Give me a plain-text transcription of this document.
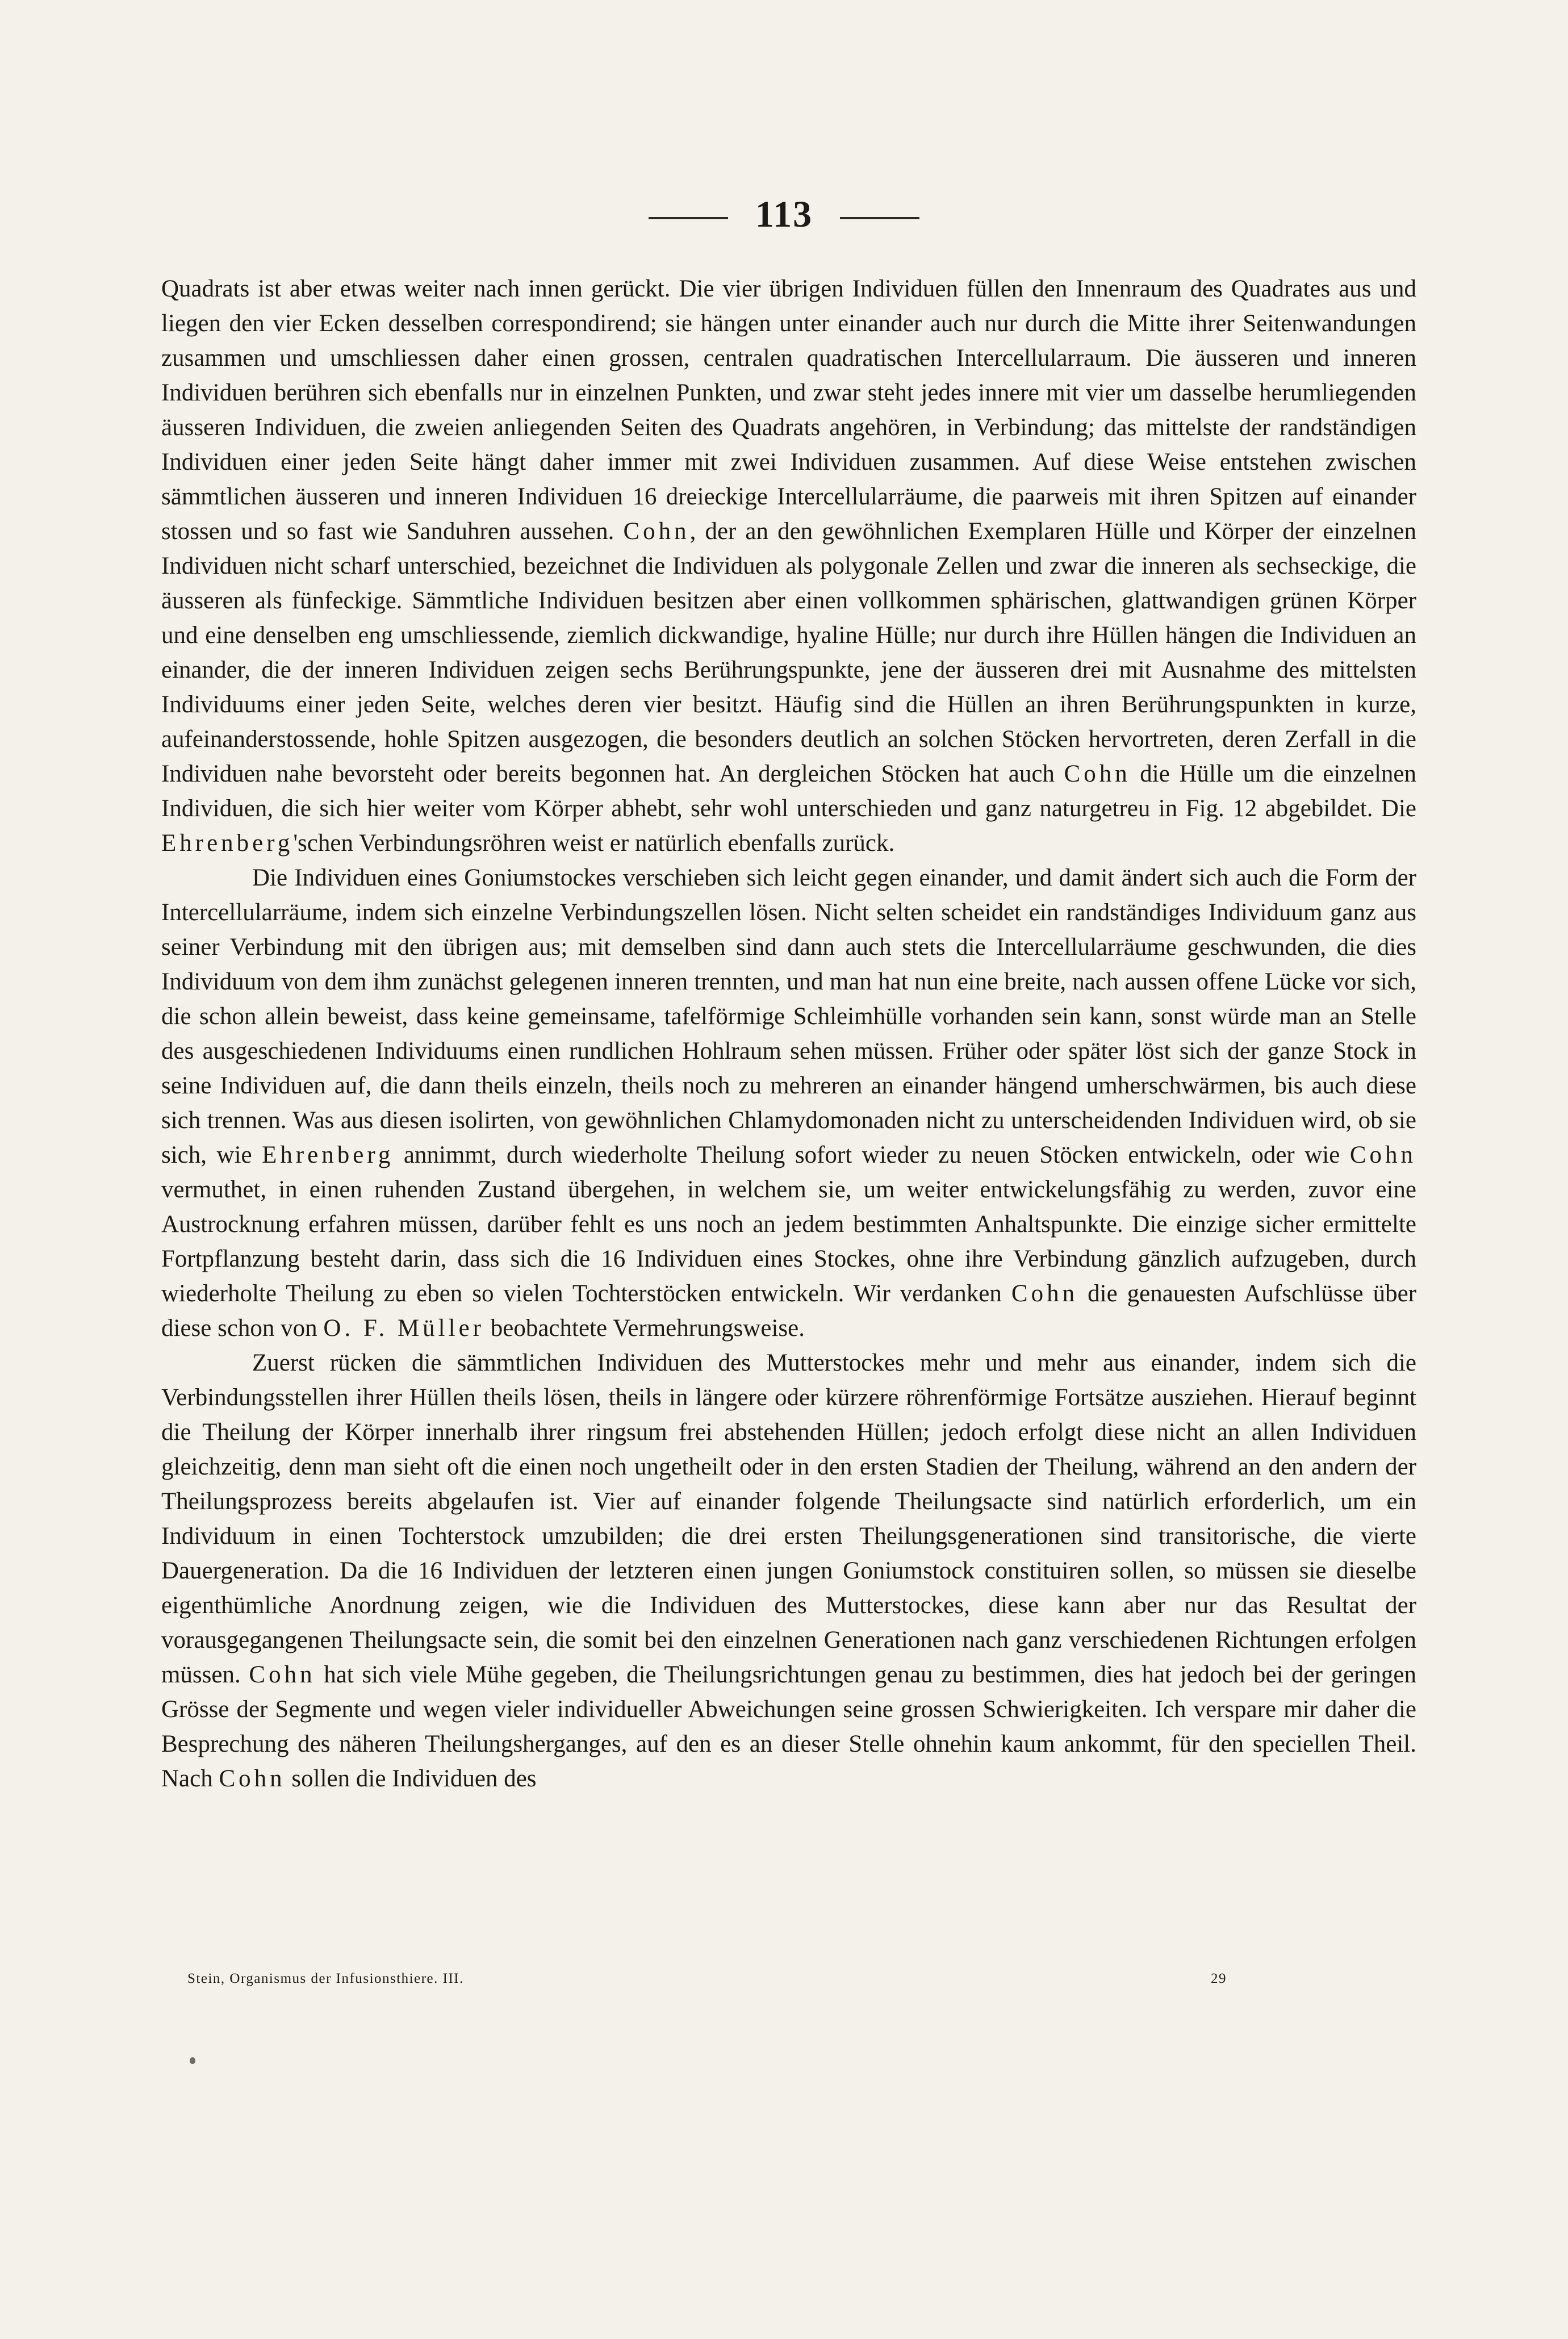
113

Quadrats ist aber etwas weiter nach innen gerückt. Die vier übrigen Individuen füllen den Innenraum des Quadrates aus und liegen den vier Ecken desselben correspondirend; sie hängen unter einander auch nur durch die Mitte ihrer Seitenwandungen zusammen und umschliessen daher einen grossen, centralen quadratischen Intercellularraum. Die äusseren und inneren Individuen berühren sich ebenfalls nur in einzelnen Punkten, und zwar steht jedes innere mit vier um dasselbe herumliegenden äusseren Individuen, die zweien anliegenden Seiten des Quadrats angehören, in Verbindung; das mittelste der randständigen Individuen einer jeden Seite hängt daher immer mit zwei Individuen zusammen. Auf diese Weise entstehen zwischen sämmtlichen äusseren und inneren Individuen 16 dreieckige Intercellularräume, die paarweis mit ihren Spitzen auf einander stossen und so fast wie Sanduhren aussehen. Cohn, der an den gewöhnlichen Exemplaren Hülle und Körper der einzelnen Individuen nicht scharf unterschied, bezeichnet die Individuen als polygonale Zellen und zwar die inneren als sechseckige, die äusseren als fünfeckige. Sämmtliche Individuen besitzen aber einen vollkommen sphärischen, glattwandigen grünen Körper und eine denselben eng umschliessende, ziemlich dickwandige, hyaline Hülle; nur durch ihre Hüllen hängen die Individuen an einander, die der inneren Individuen zeigen sechs Berührungspunkte, jene der äusseren drei mit Ausnahme des mittelsten Individuums einer jeden Seite, welches deren vier besitzt. Häufig sind die Hüllen an ihren Berührungspunkten in kurze, aufeinanderstossende, hohle Spitzen ausgezogen, die besonders deutlich an solchen Stöcken hervortreten, deren Zerfall in die Individuen nahe bevorsteht oder bereits begonnen hat. An dergleichen Stöcken hat auch Cohn die Hülle um die einzelnen Individuen, die sich hier weiter vom Körper abhebt, sehr wohl unterschieden und ganz naturgetreu in Fig. 12 abgebildet. Die Ehrenberg'schen Verbindungsröhren weist er natürlich ebenfalls zurück.

Die Individuen eines Goniumstockes verschieben sich leicht gegen einander, und damit ändert sich auch die Form der Intercellularräume, indem sich einzelne Verbindungszellen lösen. Nicht selten scheidet ein randständiges Individuum ganz aus seiner Verbindung mit den übrigen aus; mit demselben sind dann auch stets die Intercellularräume geschwunden, die dies Individuum von dem ihm zunächst gelegenen inneren trennten, und man hat nun eine breite, nach aussen offene Lücke vor sich, die schon allein beweist, dass keine gemeinsame, tafelförmige Schleimhülle vorhanden sein kann, sonst würde man an Stelle des ausgeschiedenen Individuums einen rundlichen Hohlraum sehen müssen. Früher oder später löst sich der ganze Stock in seine Individuen auf, die dann theils einzeln, theils noch zu mehreren an einander hängend umherschwärmen, bis auch diese sich trennen. Was aus diesen isolirten, von gewöhnlichen Chlamydomonaden nicht zu unterscheidenden Individuen wird, ob sie sich, wie Ehrenberg annimmt, durch wiederholte Theilung sofort wieder zu neuen Stöcken entwickeln, oder wie Cohn vermuthet, in einen ruhenden Zustand übergehen, in welchem sie, um weiter entwickelungsfähig zu werden, zuvor eine Austrocknung erfahren müssen, darüber fehlt es uns noch an jedem bestimmten Anhaltspunkte. Die einzige sicher ermittelte Fortpflanzung besteht darin, dass sich die 16 Individuen eines Stockes, ohne ihre Verbindung gänzlich aufzugeben, durch wiederholte Theilung zu eben so vielen Tochterstöcken entwickeln. Wir verdanken Cohn die genauesten Aufschlüsse über diese schon von O. F. Müller beobachtete Vermehrungsweise.

Zuerst rücken die sämmtlichen Individuen des Mutterstockes mehr und mehr aus einander, indem sich die Verbindungsstellen ihrer Hüllen theils lösen, theils in längere oder kürzere röhrenförmige Fortsätze ausziehen. Hierauf beginnt die Theilung der Körper innerhalb ihrer ringsum frei abstehenden Hüllen; jedoch erfolgt diese nicht an allen Individuen gleichzeitig, denn man sieht oft die einen noch ungetheilt oder in den ersten Stadien der Theilung, während an den andern der Theilungsprozess bereits abgelaufen ist. Vier auf einander folgende Theilungsacte sind natürlich erforderlich, um ein Individuum in einen Tochterstock umzubilden; die drei ersten Theilungsgenerationen sind transitorische, die vierte Dauergeneration. Da die 16 Individuen der letzteren einen jungen Goniumstock constituiren sollen, so müssen sie dieselbe eigenthümliche Anordnung zeigen, wie die Individuen des Mutterstockes, diese kann aber nur das Resultat der vorausgegangenen Theilungsacte sein, die somit bei den einzelnen Generationen nach ganz verschiedenen Richtungen erfolgen müssen. Cohn hat sich viele Mühe gegeben, die Theilungsrichtungen genau zu bestimmen, dies hat jedoch bei der geringen Grösse der Segmente und wegen vieler individueller Abweichungen seine grossen Schwierigkeiten. Ich verspare mir daher die Besprechung des näheren Theilungsherganges, auf den es an dieser Stelle ohnehin kaum ankommt, für den speciellen Theil. Nach Cohn sollen die Individuen des

Stein, Organismus der Infusionsthiere. III.	29
